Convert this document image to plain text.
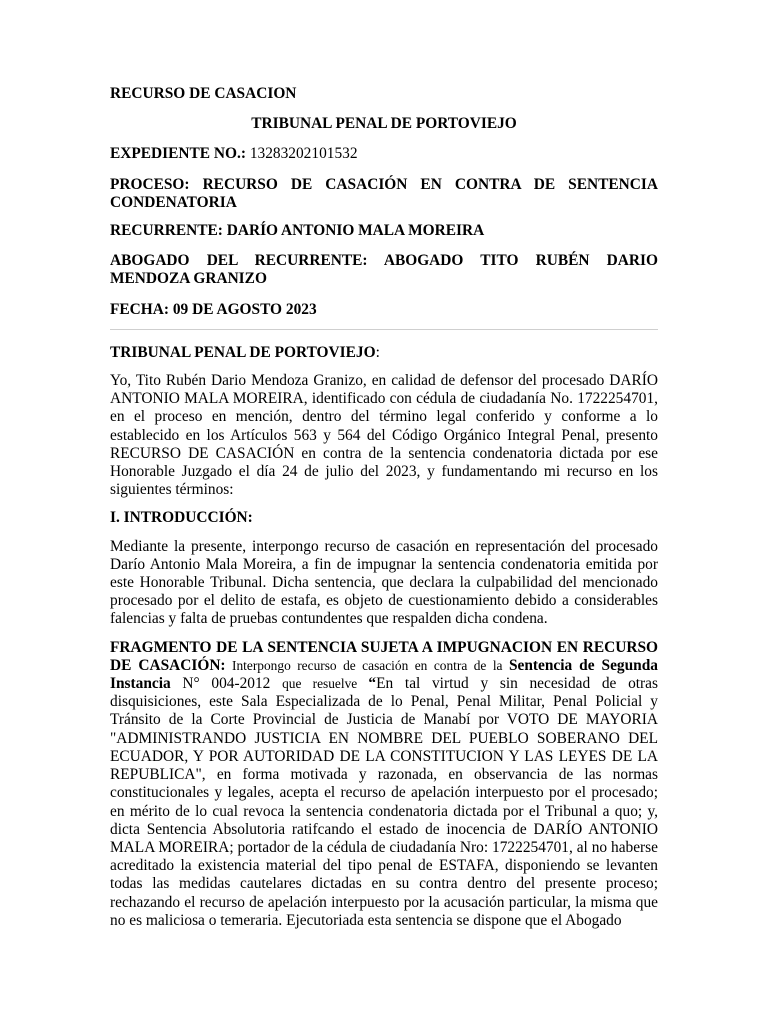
RECURSO DE CASACION

TRIBUNAL PENAL DE PORTOVIEJO

EXPEDIENTE NO.: 13283202101532

PROCESO: RECURSO DE CASACIÓN EN CONTRA DE SENTENCIA

CONDENATORIA

RECURRENTE: DARÍO ANTONIO MALA MOREIRA

ABOGADO DEL RECURRENTE: ABOGADO TITO RUBÉN DARIO

MENDOZA GRANIZO

FECHA: 09 DE AGOSTO 2023

TRIBUNAL PENAL DE PORTOVIEJO:

Yo, Tito Rubén Dario Mendoza Granizo, en calidad de defensor del procesado DARÍO ANTONIO MALA MOREIRA, identificado con cédula de ciudadanía No. 1722254701, en el proceso en mención, dentro del término legal conferido y conforme a lo establecido en los Artículos 563 y 564 del Código Orgánico Integral Penal, presento RECURSO DE CASACIÓN en contra de la sentencia condenatoria dictada por ese Honorable Juzgado el día 24 de julio del 2023, y fundamentando mi recurso en los siguientes términos:

I. INTRODUCCIÓN:

Mediante la presente, interpongo recurso de casación en representación del procesado Darío Antonio Mala Moreira, a fin de impugnar la sentencia condenatoria emitida por este Honorable Tribunal. Dicha sentencia, que declara la culpabilidad del mencionado procesado por el delito de estafa, es objeto de cuestionamiento debido a considerables falencias y falta de pruebas contundentes que respalden dicha condena.

FRAGMENTO DE LA SENTENCIA SUJETA A IMPUGNACION EN RECURSO DE CASACIÓN: Interpongo recurso de casación en contra de la Sentencia de Segunda Instancia N° 004-2012 que resuelve “En tal virtud y sin necesidad de otras disquisiciones, este Sala Especializada de lo Penal, Penal Militar, Penal Policial y Tránsito de la Corte Provincial de Justicia de Manabí por VOTO DE MAYORIA "ADMINISTRANDO JUSTICIA EN NOMBRE DEL PUEBLO SOBERANO DEL ECUADOR, Y POR AUTORIDAD DE LA CONSTITUCION Y LAS LEYES DE LA REPUBLICA", en forma motivada y razonada, en observancia de las normas constitucionales y legales, acepta el recurso de apelación interpuesto por el procesado; en mérito de lo cual revoca la sentencia condenatoria dictada por el Tribunal a quo; y, dicta Sentencia Absolutoria ratifcando el estado de inocencia de DARÍO ANTONIO MALA MOREIRA; portador de la cédula de ciudadanía Nro: 1722254701, al no haberse acreditado la existencia material del tipo penal de ESTAFA, disponiendo se levanten todas las medidas cautelares dictadas en su contra dentro del presente proceso; rechazando el recurso de apelación interpuesto por la acusación particular, la misma que no es maliciosa o temeraria. Ejecutoriada esta sentencia se dispone que el Abogado
